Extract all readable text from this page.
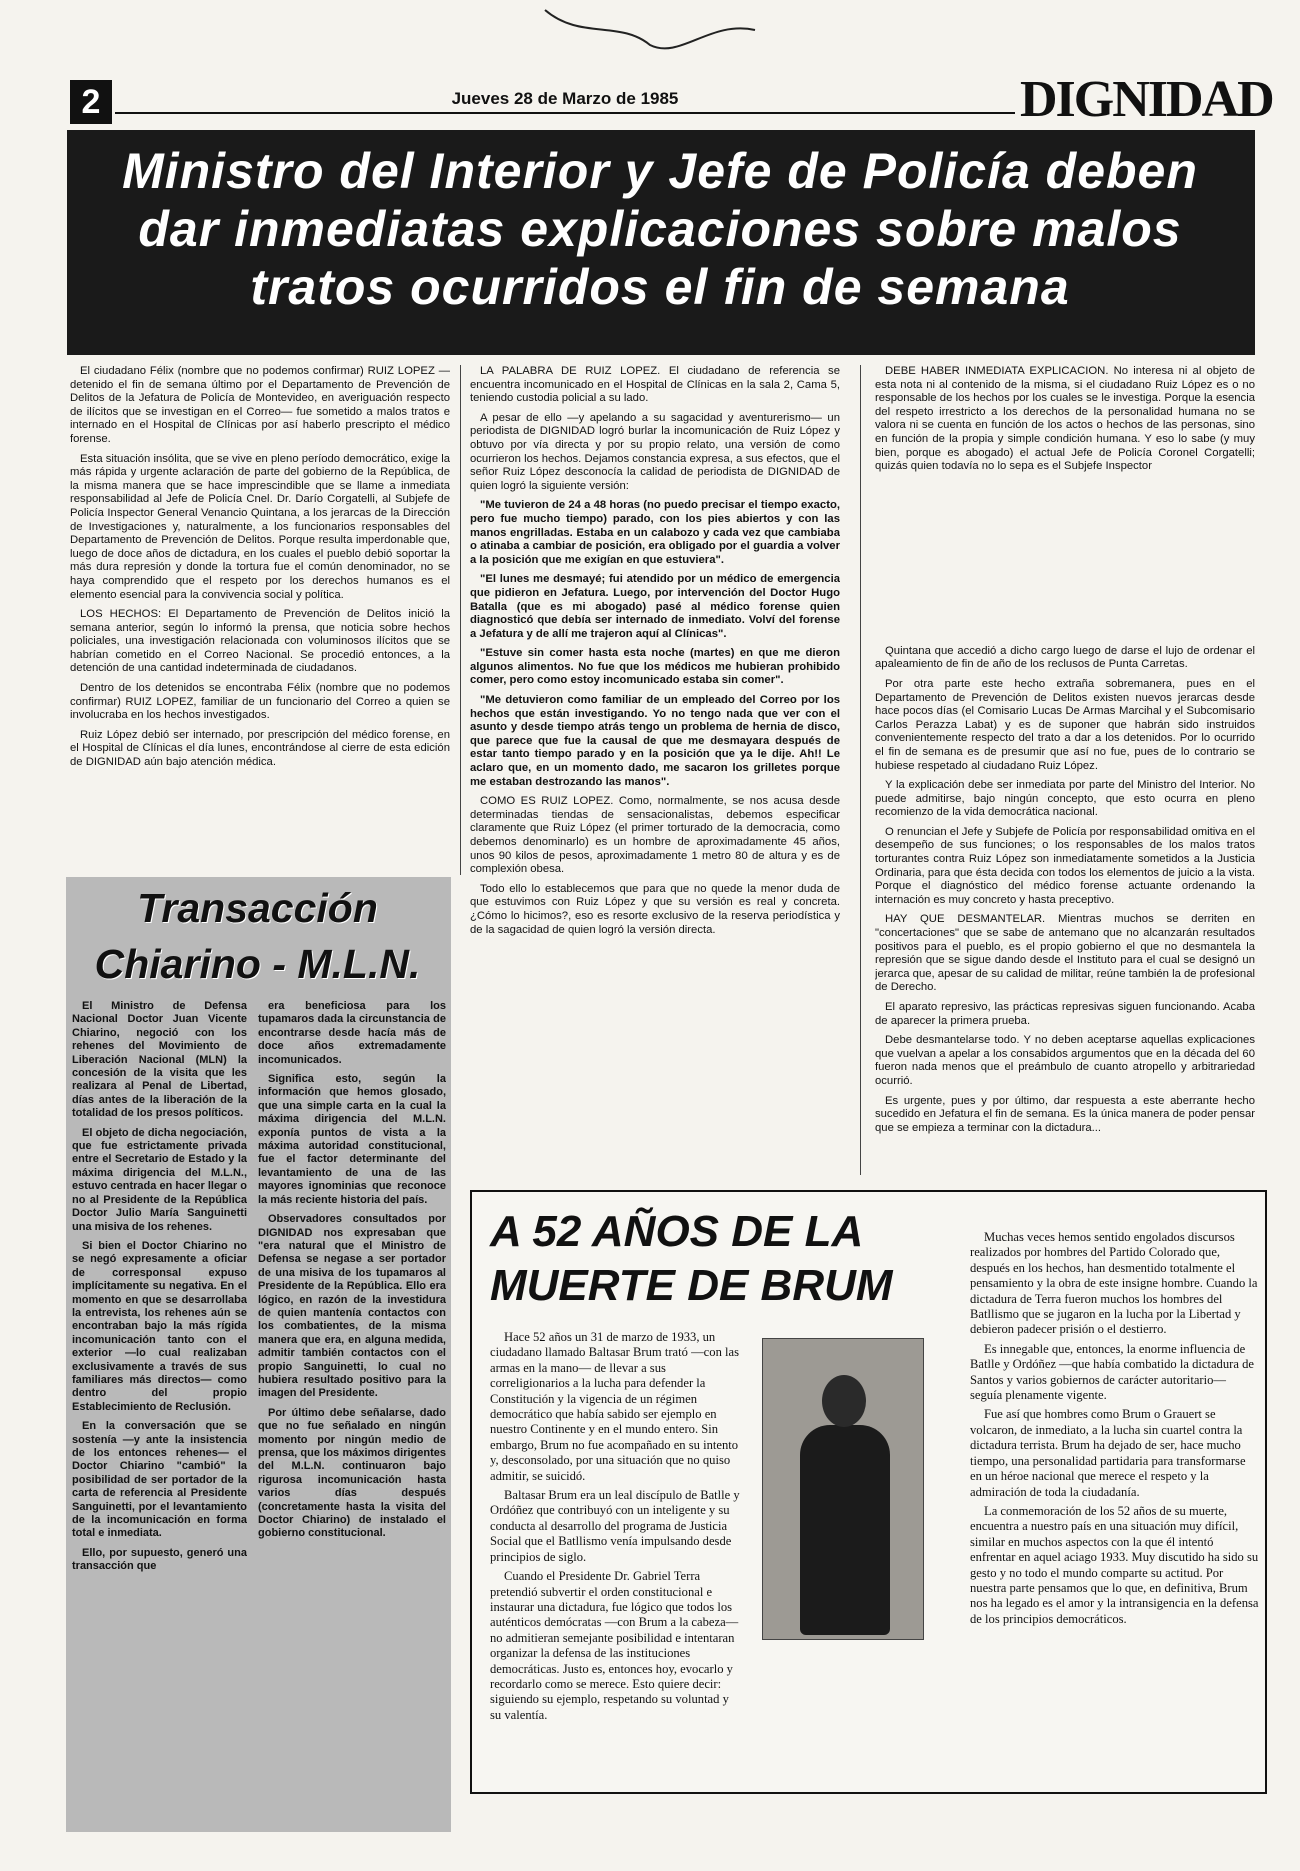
2	Jueves 28 de Marzo de 1985	DIGNIDAD
Ministro del Interior y Jefe de Policía deben dar inmediatas explicaciones sobre malos tratos ocurridos el fin de semana

El ciudadano Félix (nombre que no podemos confirmar) RUIZ LOPEZ —detenido el fin de semana último por el Departamento de Prevención de Delitos de la Jefatura de Policía de Montevideo, en averiguación respecto de ilícitos que se investigan en el Correo— fue sometido a malos tratos e internado en el Hospital de Clínicas por así haberlo prescripto el médico forense.

Esta situación insólita, que se vive en pleno período democrático, exige la más rápida y urgente aclaración de parte del gobierno de la República, de la misma manera que se hace imprescindible que se llame a inmediata responsabilidad al Jefe de Policía Cnel. Dr. Darío Corgatelli, al Subjefe de Policía Inspector General Venancio Quintana, a los jerarcas de la Dirección de Investigaciones y, naturalmente, a los funcionarios responsables del Departamento de Prevención de Delitos. Porque resulta imperdonable que, luego de doce años de dictadura, en los cuales el pueblo debió soportar la más dura represión y donde la tortura fue el común denominador, no se haya comprendido que el respeto por los derechos humanos es el elemento esencial para la convivencia social y política.

LOS HECHOS: El Departamento de Prevención de Delitos inició la semana anterior, según lo informó la prensa, que noticia sobre hechos policiales, una investigación relacionada con voluminosos ilícitos que se habrían cometido en el Correo Nacional. Se procedió entonces, a la detención de una cantidad indeterminada de ciudadanos.

Dentro de los detenidos se encontraba Félix (nombre que no podemos confirmar) RUIZ LOPEZ, familiar de un funcionario del Correo a quien se involucraba en los hechos investigados.

Ruiz López debió ser internado, por prescripción del médico forense, en el Hospital de Clínicas el día lunes, encontrándose al cierre de esta edición de DIGNIDAD aún bajo atención médica.

LA PALABRA DE RUIZ LOPEZ. El ciudadano de referencia se encuentra incomunicado en el Hospital de Clínicas en la sala 2, Cama 5, teniendo custodia policial a su lado.

A pesar de ello —y apelando a su sagacidad y aventurerismo— un periodista de DIGNIDAD logró burlar la incomunicación de Ruiz López y obtuvo por vía directa y por su propio relato, una versión de como ocurrieron los hechos. Dejamos constancia expresa, a sus efectos, que el señor Ruiz López desconocía la calidad de periodista de DIGNIDAD de quien logró la siguiente versión:

"Me tuvieron de 24 a 48 horas (no puedo precisar el tiempo exacto, pero fue mucho tiempo) parado, con los pies abiertos y con las manos engrilladas. Estaba en un calabozo y cada vez que cambiaba o atinaba a cambiar de posición, era obligado por el guardia a volver a la posición que me exigían en que estuviera".

"El lunes me desmayé; fui atendido por un médico de emergencia que pidieron en Jefatura. Luego, por intervención del Doctor Hugo Batalla (que es mi abogado) pasé al médico forense quien diagnosticó que debía ser internado de inmediato. Volví del forense a Jefatura y de allí me trajeron aquí al Clínicas".

"Estuve sin comer hasta esta noche (martes) en que me dieron algunos alimentos. No fue que los médicos me hubieran prohibido comer, pero como estoy incomunicado estaba sin comer".

"Me detuvieron como familiar de un empleado del Correo por los hechos que están investigando. Yo no tengo nada que ver con el asunto y desde tiempo atrás tengo un problema de hernia de disco, que parece que fue la causal de que me desmayara después de estar tanto tiempo parado y en la posición que ya le dije. Ah!! Le aclaro que, en un momento dado, me sacaron los grilletes porque me estaban destrozando las manos".

COMO ES RUIZ LOPEZ. Como, normalmente, se nos acusa desde determinadas tiendas de sensacionalistas, debemos especificar claramente que Ruiz López (el primer torturado de la democracia, como debemos denominarlo) es un hombre de aproximadamente 45 años, unos 90 kilos de pesos, aproximadamente 1 metro 80 de altura y es de complexión obesa.

Todo ello lo establecemos que para que no quede la menor duda de que estuvimos con Ruiz López y que su versión es real y concreta. ¿Cómo lo hicimos?, eso es resorte exclusivo de la reserva periodística y de la sagacidad de quien logró la versión directa.

DEBE HABER INMEDIATA EXPLICACION. No interesa ni al objeto de esta nota ni al contenido de la misma, si el ciudadano Ruiz López es o no responsable de los hechos por los cuales se le investiga. Porque la esencia del respeto irrestricto a los derechos de la personalidad humana no se valora ni se cuenta en función de los actos o hechos de las personas, sino en función de la propia y simple condición humana. Y eso lo sabe (y muy bien, porque es abogado) el actual Jefe de Policía Coronel Corgatelli; quizás quien todavía no lo sepa es el Subjefe Inspector

Quintana que accedió a dicho cargo luego de darse el lujo de ordenar el apaleamiento de fin de año de los reclusos de Punta Carretas.

Por otra parte este hecho extraña sobremanera, pues en el Departamento de Prevención de Delitos existen nuevos jerarcas desde hace pocos días (el Comisario Lucas De Armas Marcihal y el Subcomisario Carlos Perazza Labat) y es de suponer que habrán sido instruidos convenientemente respecto del trato a dar a los detenidos. Por lo ocurrido el fin de semana es de presumir que así no fue, pues de lo contrario se hubiese respetado al ciudadano Ruiz López.

Y la explicación debe ser inmediata por parte del Ministro del Interior. No puede admitirse, bajo ningún concepto, que esto ocurra en pleno recomienzo de la vida democrática nacional.

O renuncian el Jefe y Subjefe de Policía por responsabilidad omitiva en el desempeño de sus funciones; o los responsables de los malos tratos torturantes contra Ruiz López son inmediatamente sometidos a la Justicia Ordinaria, para que ésta decida con todos los elementos de juicio a la vista. Porque el diagnóstico del médico forense actuante ordenando la internación es muy concreto y hasta preceptivo.

HAY QUE DESMANTELAR. Mientras muchos se derriten en "concertaciones" que se sabe de antemano que no alcanzarán resultados positivos para el pueblo, es el propio gobierno el que no desmantela la represión que se sigue dando desde el Instituto para el cual se designó un jerarca que, apesar de su calidad de militar, reúne también la de profesional de Derecho.

El aparato represivo, las prácticas represivas siguen funcionando. Acaba de aparecer la primera prueba.

Debe desmantelarse todo. Y no deben aceptarse aquellas explicaciones que vuelvan a apelar a los consabidos argumentos que en la década del 60 fueron nada menos que el preámbulo de cuanto atropello y arbitrariedad ocurrió.

Es urgente, pues y por último, dar respuesta a este aberrante hecho sucedido en Jefatura el fin de semana. Es la única manera de poder pensar que se empieza a terminar con la dictadura...

Transacción
Chiarino - M.L.N.

El Ministro de Defensa Nacional Doctor Juan Vicente Chiarino, negoció con los rehenes del Movimiento de Liberación Nacional (MLN) la concesión de la visita que les realizara al Penal de Libertad, días antes de la liberación de la totalidad de los presos políticos.

El objeto de dicha negociación, que fue estrictamente privada entre el Secretario de Estado y la máxima dirigencia del M.L.N., estuvo centrada en hacer llegar o no al Presidente de la República Doctor Julio María Sanguinetti una misiva de los rehenes.

Si bien el Doctor Chiarino no se negó expresamente a oficiar de corresponsal expuso implícitamente su negativa. En el momento en que se desarrollaba la entrevista, los rehenes aún se encontraban bajo la más rígida incomunicación tanto con el exterior —lo cual realizaban exclusivamente a través de sus familiares más directos— como dentro del propio Establecimiento de Reclusión.

En la conversación que se sostenía —y ante la insistencia de los entonces rehenes— el Doctor Chiarino "cambió" la posibilidad de ser portador de la carta de referencia al Presidente Sanguinetti, por el levantamiento de la incomunicación en forma total e inmediata.

Ello, por supuesto, generó una transacción que

era beneficiosa para los tupamaros dada la circunstancia de encontrarse desde hacía más de doce años extremadamente incomunicados.

Significa esto, según la información que hemos glosado, que una simple carta en la cual la máxima dirigencia del M.L.N. exponía puntos de vista a la máxima autoridad constitucional, fue el factor determinante del levantamiento de una de las mayores ignominias que reconoce la más reciente historia del país.

Observadores consultados por DIGNIDAD nos expresaban que "era natural que el Ministro de Defensa se negase a ser portador de una misiva de los tupamaros al Presidente de la República. Ello era lógico, en razón de la investidura de quien mantenía contactos con los combatientes, de la misma manera que era, en alguna medida, admitir también contactos con el propio Sanguinetti, lo cual no hubiera resultado positivo para la imagen del Presidente.

Por último debe señalarse, dado que no fue señalado en ningún momento por ningún medio de prensa, que los máximos dirigentes del M.L.N. continuaron bajo rigurosa incomunicación hasta varios días después (concretamente hasta la visita del Doctor Chiarino) de instalado el gobierno constitucional.

A 52 AÑOS DE LA MUERTE DE BRUM

Hace 52 años un 31 de marzo de 1933, un ciudadano llamado Baltasar Brum trató —con las armas en la mano— de llevar a sus correligionarios a la lucha para defender la Constitución y la vigencia de un régimen democrático que había sabido ser ejemplo en nuestro Continente y en el mundo entero. Sin embargo, Brum no fue acompañado en su intento y, desconsolado, por una situación que no quiso admitir, se suicidó.

Baltasar Brum era un leal discípulo de Batlle y Ordóñez que contribuyó con un inteligente y su conducta al desarrollo del programa de Justicia Social que el Batllismo venía impulsando desde principios de siglo.

Cuando el Presidente Dr. Gabriel Terra pretendió subvertir el orden constitucional e instaurar una dictadura, fue lógico que todos los auténticos demócratas —con Brum a la cabeza— no admitieran semejante posibilidad e intentaran organizar la defensa de las instituciones democráticas. Justo es, entonces hoy, evocarlo y recordarlo como se merece. Esto quiere decir: siguiendo su ejemplo, respetando su voluntad y su valentía.

Muchas veces hemos sentido engolados discursos realizados por hombres del Partido Colorado que, después en los hechos, han desmentido totalmente el pensamiento y la obra de este insigne hombre. Cuando la dictadura de Terra fueron muchos los hombres del Batllismo que se jugaron en la lucha por la Libertad y debieron padecer prisión o el destierro.

Es innegable que, entonces, la enorme influencia de Batlle y Ordóñez —que había combatido la dictadura de Santos y varios gobiernos de carácter autoritario— seguía plenamente vigente.

Fue así que hombres como Brum o Grauert se volcaron, de inmediato, a la lucha sin cuartel contra la dictadura terrista. Brum ha dejado de ser, hace mucho tiempo, una personalidad partidaria para transformarse en un héroe nacional que merece el respeto y la admiración de toda la ciudadanía.

La conmemoración de los 52 años de su muerte, encuentra a nuestro país en una situación muy difícil, similar en muchos aspectos con la que él intentó enfrentar en aquel aciago 1933. Muy discutido ha sido su gesto y no todo el mundo comparte su actitud. Por nuestra parte pensamos que lo que, en definitiva, Brum nos ha legado es el amor y la intransigencia en la defensa de los principios democráticos.
